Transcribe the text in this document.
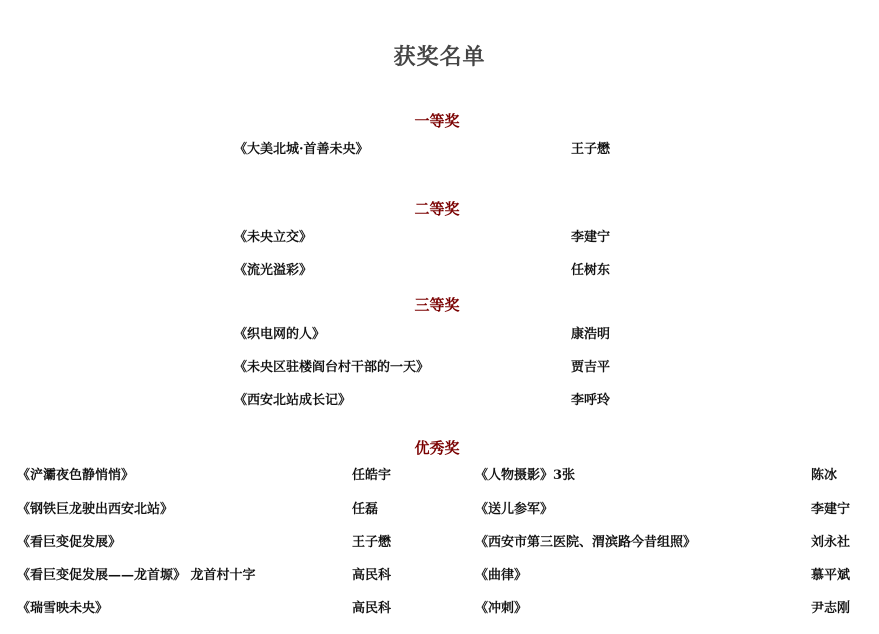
获奖名单
一等奖
《大美北城·首善未央》	王子懋
二等奖
《未央立交》	李建宁
《流光溢彩》	任树东
三等奖
《织电网的人》	康浩明
《未央区驻楼阎台村干部的一天》	贾吉平
《西安北站成长记》	李呼玲
优秀奖
《浐灞夜色静悄悄》	任皓宇	《人物摄影》3张	陈冰
《钢铁巨龙驶出西安北站》	任磊	《送儿参军》	李建宁
《看巨变促发展》	王子懋	《西安市第三医院、渭滨路今昔组照》	刘永社
《看巨变促发展——龙首塬》 龙首村十字	高民科	《曲律》	慕平斌
《瑞雪映未央》	高民科	《冲刺》	尹志刚
